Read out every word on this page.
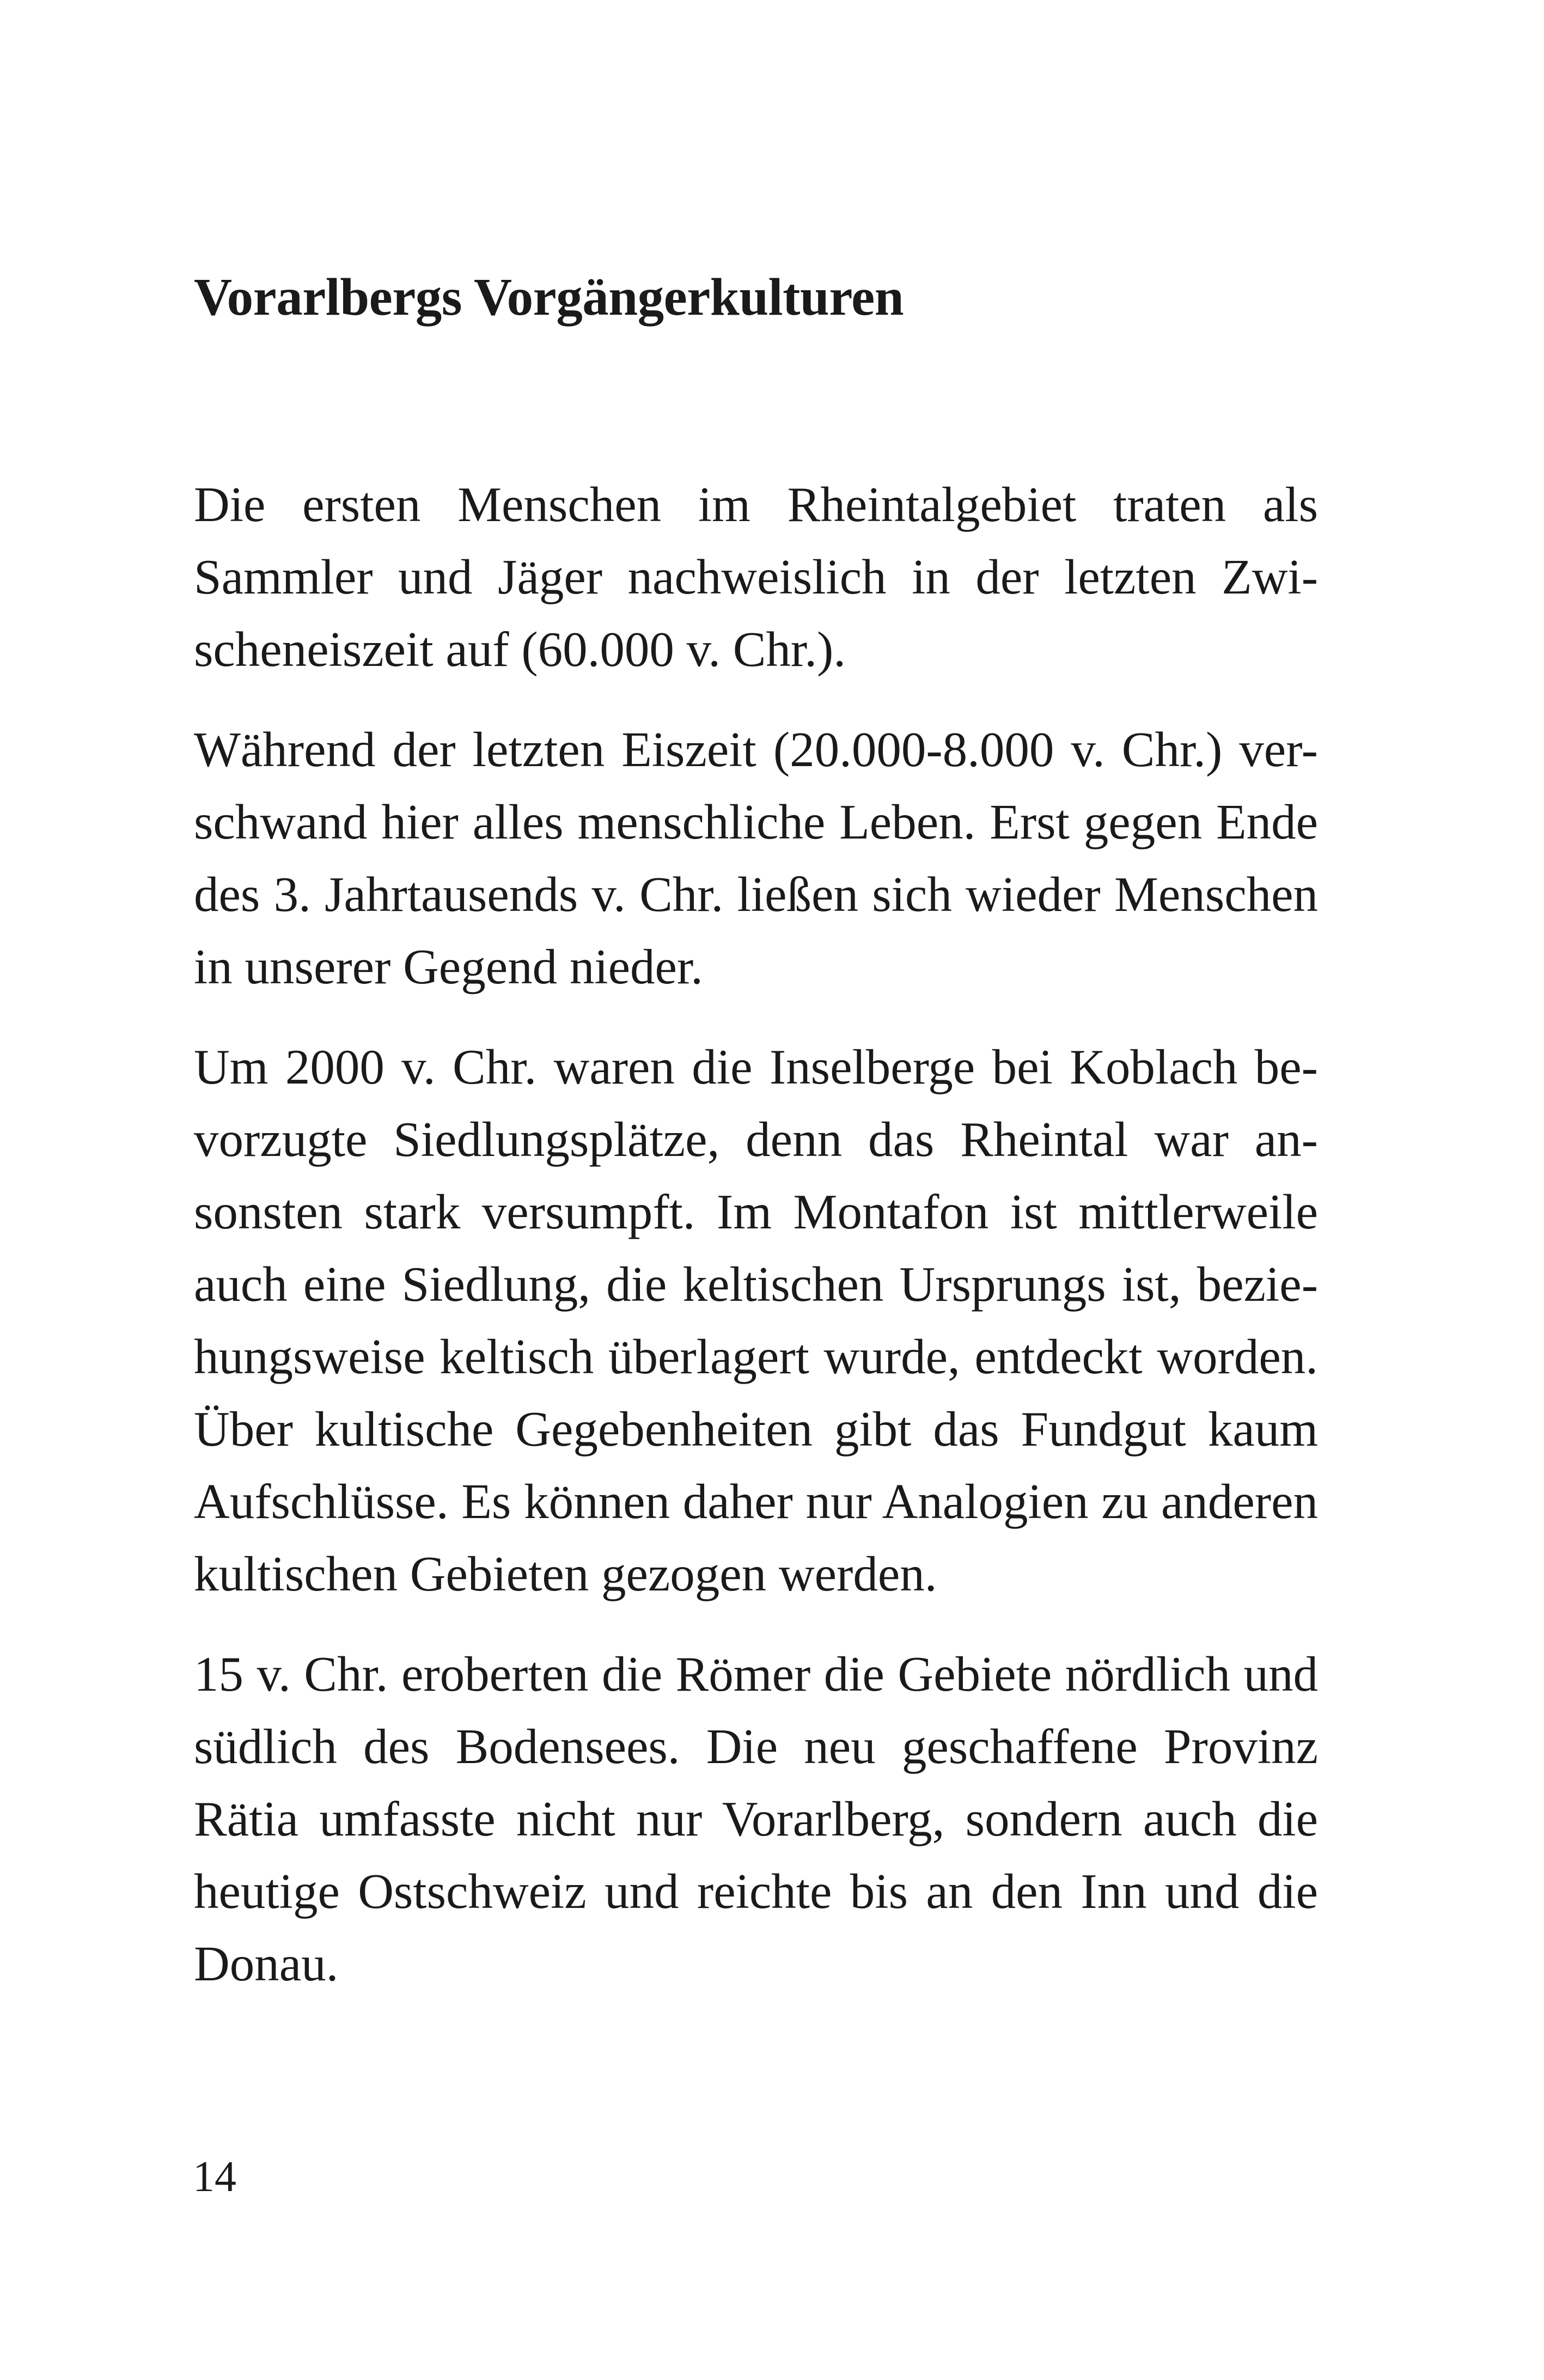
Vorarlbergs Vorgängerkulturen

Die ersten Menschen im Rheintalgebiet traten als
Sammler und Jäger nachweislich in der letzten Zwi-
scheneiszeit auf (60.000 v. Chr.).

Während der letzten Eiszeit (20.000-8.000 v. Chr.) ver-
schwand hier alles menschliche Leben. Erst gegen Ende
des 3. Jahrtausends v. Chr. ließen sich wieder Menschen
in unserer Gegend nieder.

Um 2000 v. Chr. waren die Inselberge bei Koblach be-
vorzugte Siedlungsplätze, denn das Rheintal war an-
sonsten stark versumpft. Im Montafon ist mittlerweile
auch eine Siedlung, die keltischen Ursprungs ist, bezie-
hungsweise keltisch überlagert wurde, entdeckt worden.
Über kultische Gegebenheiten gibt das Fundgut kaum
Aufschlüsse. Es können daher nur Analogien zu anderen
kultischen Gebieten gezogen werden.

15 v. Chr. eroberten die Römer die Gebiete nördlich und
südlich des Bodensees. Die neu geschaffene Provinz
Rätia umfasste nicht nur Vorarlberg, sondern auch die
heutige Ostschweiz und reichte bis an den Inn und die
Donau.

14
